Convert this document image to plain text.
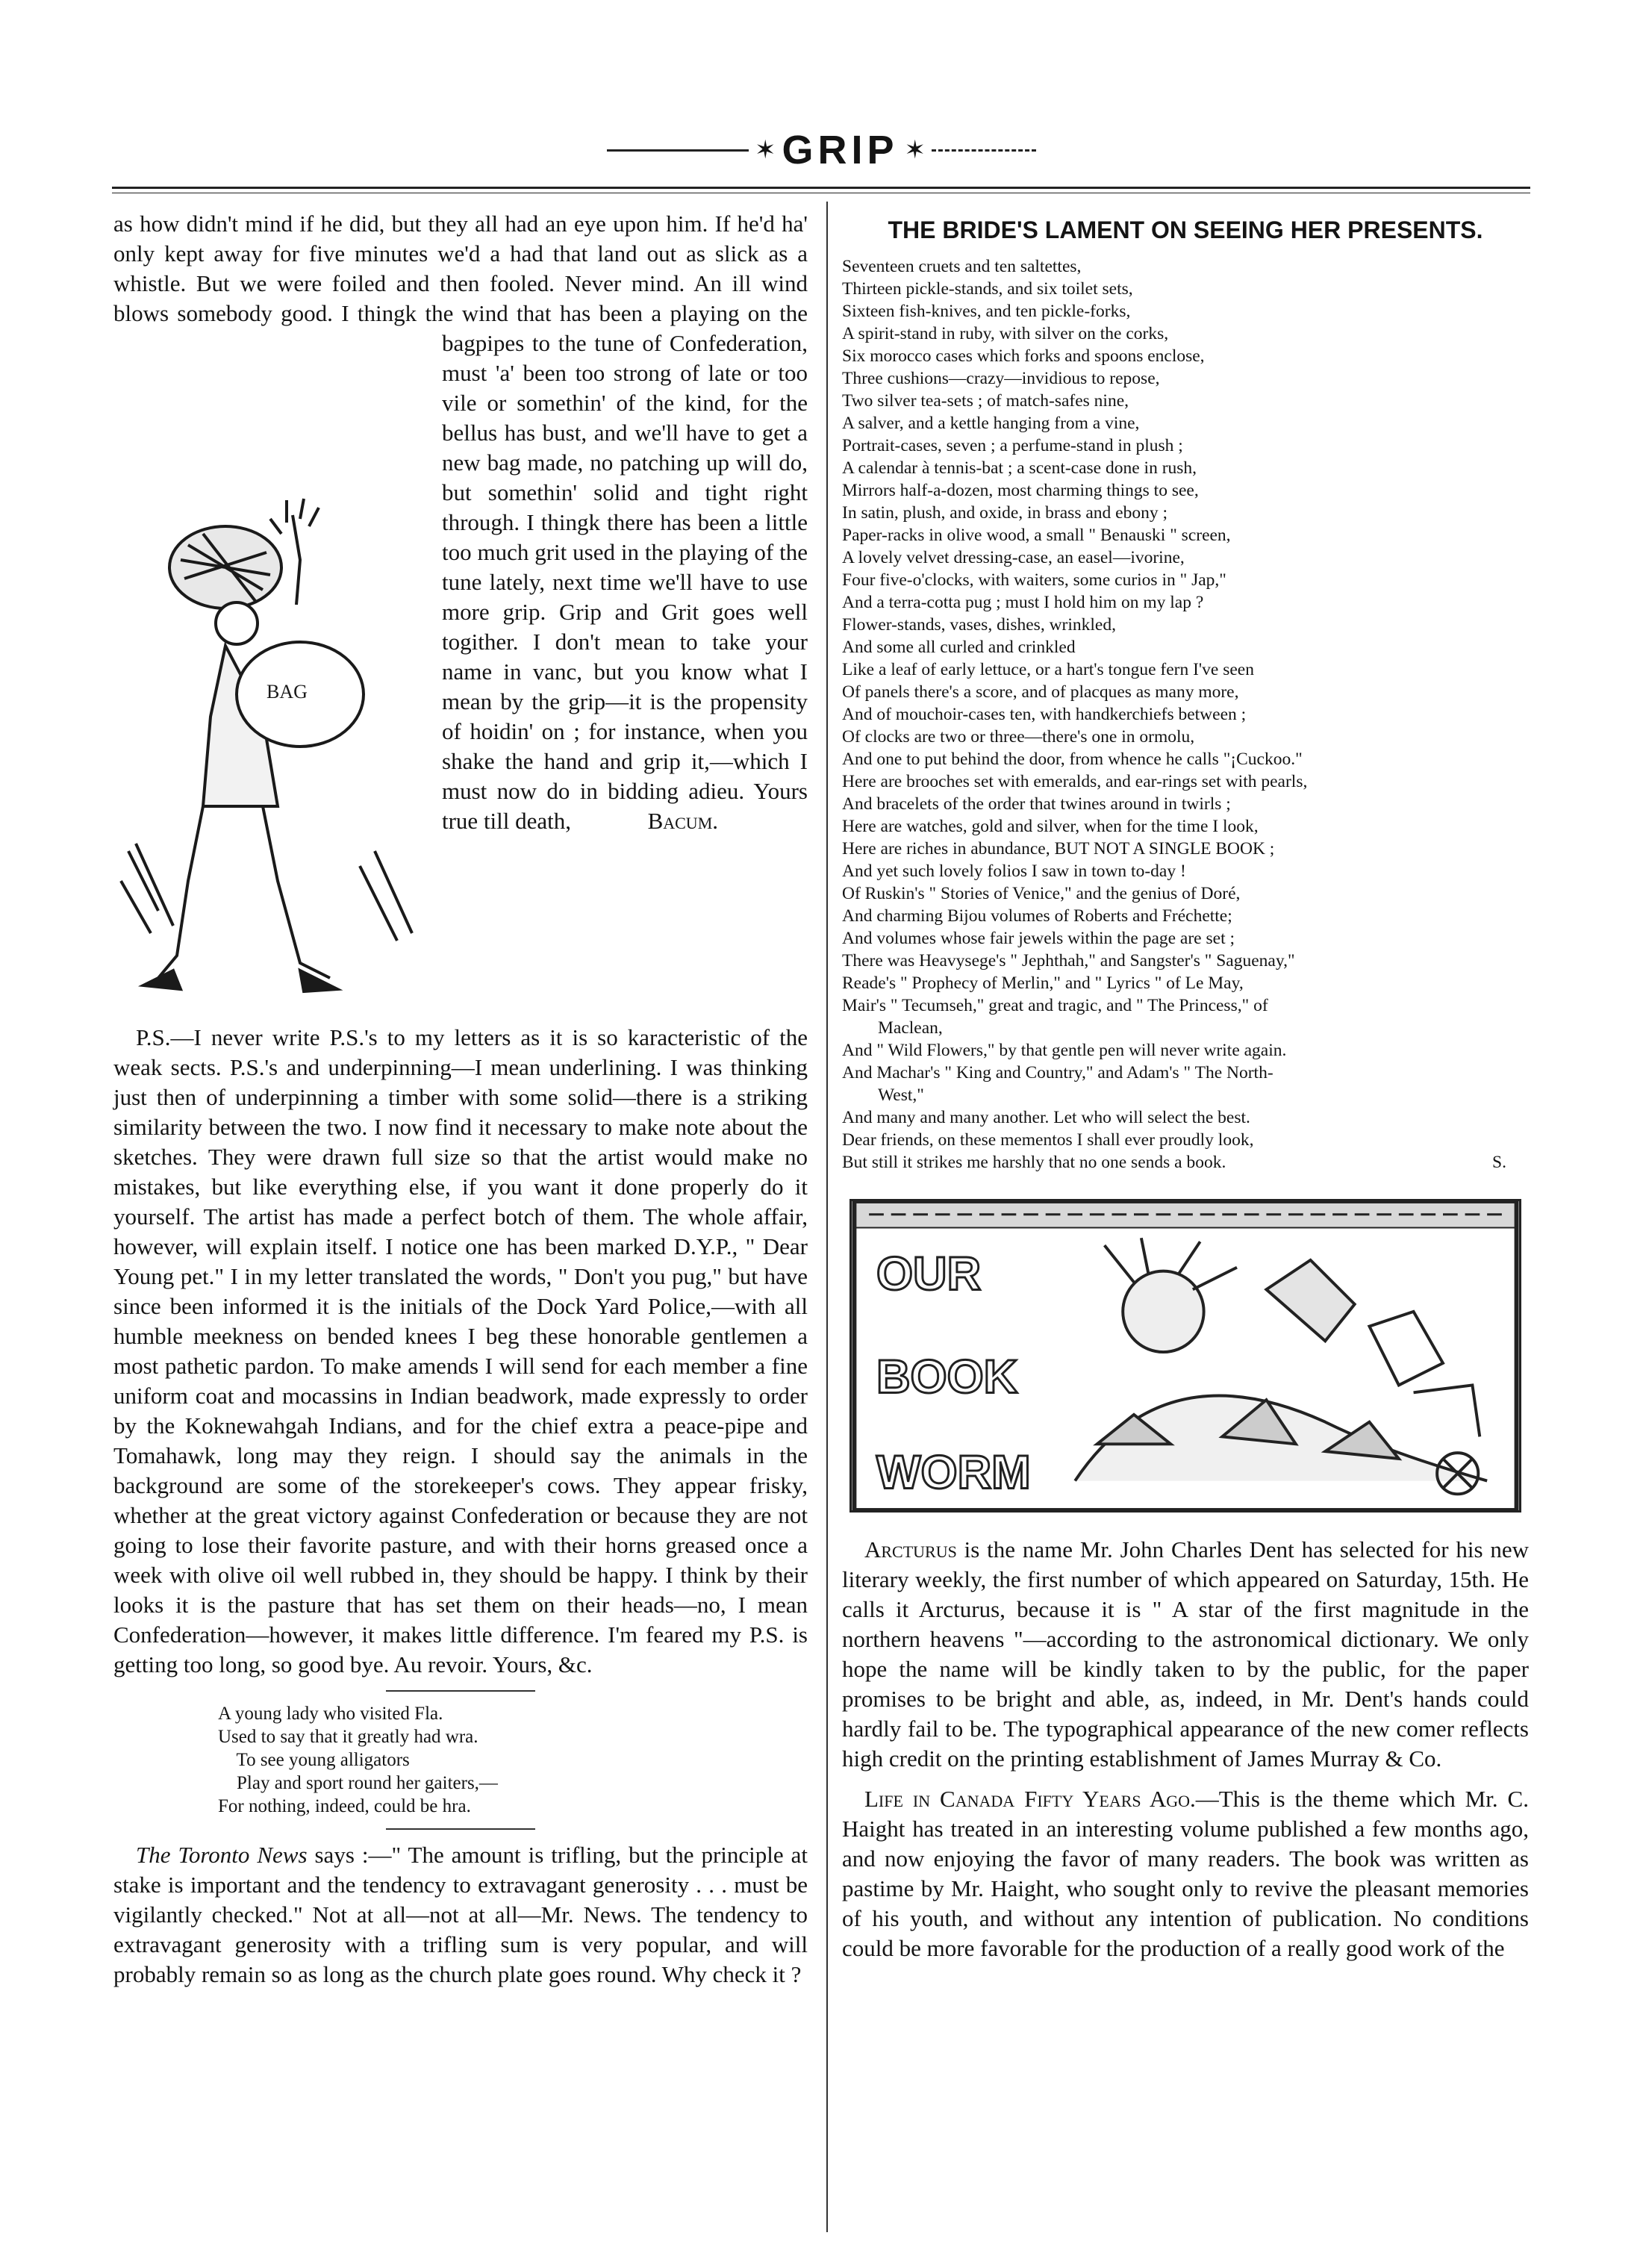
✶ GRIP ✶

BAG
as how didn't mind if he did, but they all had an eye upon him. If he'd ha' only kept away for five minutes we'd a had that land out as slick as a whistle. But we were foiled and then fooled. Never mind. An ill wind blows somebody good. I thingk the wind that has been a playing on the bagpipes to the tune of Confederation, must 'a' been too strong of late or too vile or somethin' of the kind, for the bellus has bust, and we'll have to get a new bag made, no patching up will do, but somethin' solid and tight right through. I thingk there has been a little too much grit used in the playing of the tune lately, next time we'll have to use more grip. Grip and Grit goes well togither. I don't mean to take your name in vanc, but you know what I mean by the grip—it is the propensity of hoidin' on ; for instance, when you shake the hand and grip it,—which I must now do in bidding adieu. Yours true till death,	Bacum.

P.S.—I never write P.S.'s to my letters as it is so karacteristic of the weak sects. P.S.'s and underpinning—I mean underlining. I was thinking just then of underpinning a timber with some solid—there is a striking similarity between the two. I now find it necessary to make note about the sketches. They were drawn full size so that the artist would make no mistakes, but like everything else, if you want it done properly do it yourself. The artist has made a perfect botch of them. The whole affair, however, will explain itself. I notice one has been marked D.Y.P., " Dear Young pet." I in my letter translated the words, " Don't you pug," but have since been informed it is the initials of the Dock Yard Police,—with all humble meekness on bended knees I beg these honorable gentlemen a most pathetic pardon. To make amends I will send for each member a fine uniform coat and mocassins in Indian beadwork, made expressly to order by the Koknewahgah Indians, and for the chief extra a peace-pipe and Tomahawk, long may they reign. I should say the animals in the background are some of the storekeeper's cows. They appear frisky, whether at the great victory against Confederation or because they are not going to lose their favorite pasture, and with their horns greased once a week with olive oil well rubbed in, they should be happy. I think by their looks it is the pasture that has set them on their heads—no, I mean Confederation—however, it makes little difference. I'm feared my P.S. is getting too long, so good bye. Au revoir. Yours, &c.

A young lady who visited Fla.
Used to say that it greatly had wra.
To see young alligators
Play and sport round her gaiters,—
For nothing, indeed, could be hra.

The Toronto News says :—" The amount is trifling, but the principle at stake is important and the tendency to extravagant generosity . . . must be vigilantly checked." Not at all—not at all—Mr. News. The tendency to extravagant generosity with a trifling sum is very popular, and will probably remain so as long as the church plate goes round. Why check it ?

THE BRIDE'S LAMENT ON SEEING HER PRESENTS.
Seventeen cruets and ten saltettes,
Thirteen pickle-stands, and six toilet sets,
Sixteen fish-knives, and ten pickle-forks,
A spirit-stand in ruby, with silver on the corks,
Six morocco cases which forks and spoons enclose,
Three cushions—crazy—invidious to repose,
Two silver tea-sets ; of match-safes nine,
A salver, and a kettle hanging from a vine,
Portrait-cases, seven ; a perfume-stand in plush ;
A calendar à tennis-bat ; a scent-case done in rush,
Mirrors half-a-dozen, most charming things to see,
In satin, plush, and oxide, in brass and ebony ;
Paper-racks in olive wood, a small " Benauski " screen,
A lovely velvet dressing-case, an easel—ivorine,
Four five-o'clocks, with waiters, some curios in " Jap,"
And a terra-cotta pug ; must I hold him on my lap ?
Flower-stands, vases, dishes, wrinkled,
And some all curled and crinkled
Like a leaf of early lettuce, or a hart's tongue fern I've seen
Of panels there's a score, and of placques as many more,
And of mouchoir-cases ten, with handkerchiefs between ;
Of clocks are two or three—there's one in ormolu,
And one to put behind the door, from whence he calls "¡Cuckoo."
Here are brooches set with emeralds, and ear-rings set with pearls,
And bracelets of the order that twines around in twirls ;
Here are watches, gold and silver, when for the time I look,
Here are riches in abundance, BUT NOT A SINGLE BOOK ;
And yet such lovely folios I saw in town to-day !
Of Ruskin's " Stories of Venice," and the genius of Doré,
And charming Bijou volumes of Roberts and Fréchette;
And volumes whose fair jewels within the page are set ;
There was Heavysege's " Jephthah," and Sangster's " Saguenay,"
Reade's " Prophecy of Merlin," and " Lyrics " of Le May,
Mair's " Tecumseh," great and tragic, and " The Princess," of
Maclean,
And " Wild Flowers," by that gentle pen will never write again.
And Machar's " King and Country," and Adam's " The North-
West,"
And many and many another. Let who will select the best.
Dear friends, on these mementos I shall ever proudly look,
But still it strikes me harshly that no one sends a book.	S.
OUR
BOOK
WORM

Arcturus is the name Mr. John Charles Dent has selected for his new literary weekly, the first number of which appeared on Saturday, 15th. He calls it Arcturus, because it is " A star of the first magnitude in the northern heavens "—according to the astronomical dictionary. We only hope the name will be kindly taken to by the public, for the paper promises to be bright and able, as, indeed, in Mr. Dent's hands could hardly fail to be. The typographical appearance of the new comer reflects high credit on the printing establishment of James Murray & Co.

Life in Canada Fifty Years Ago.—This is the theme which Mr. C. Haight has treated in an interesting volume published a few months ago, and now enjoying the favor of many readers. The book was written as pastime by Mr. Haight, who sought only to revive the pleasant memories of his youth, and without any intention of publication. No conditions could be more favorable for the production of a really good work of the
